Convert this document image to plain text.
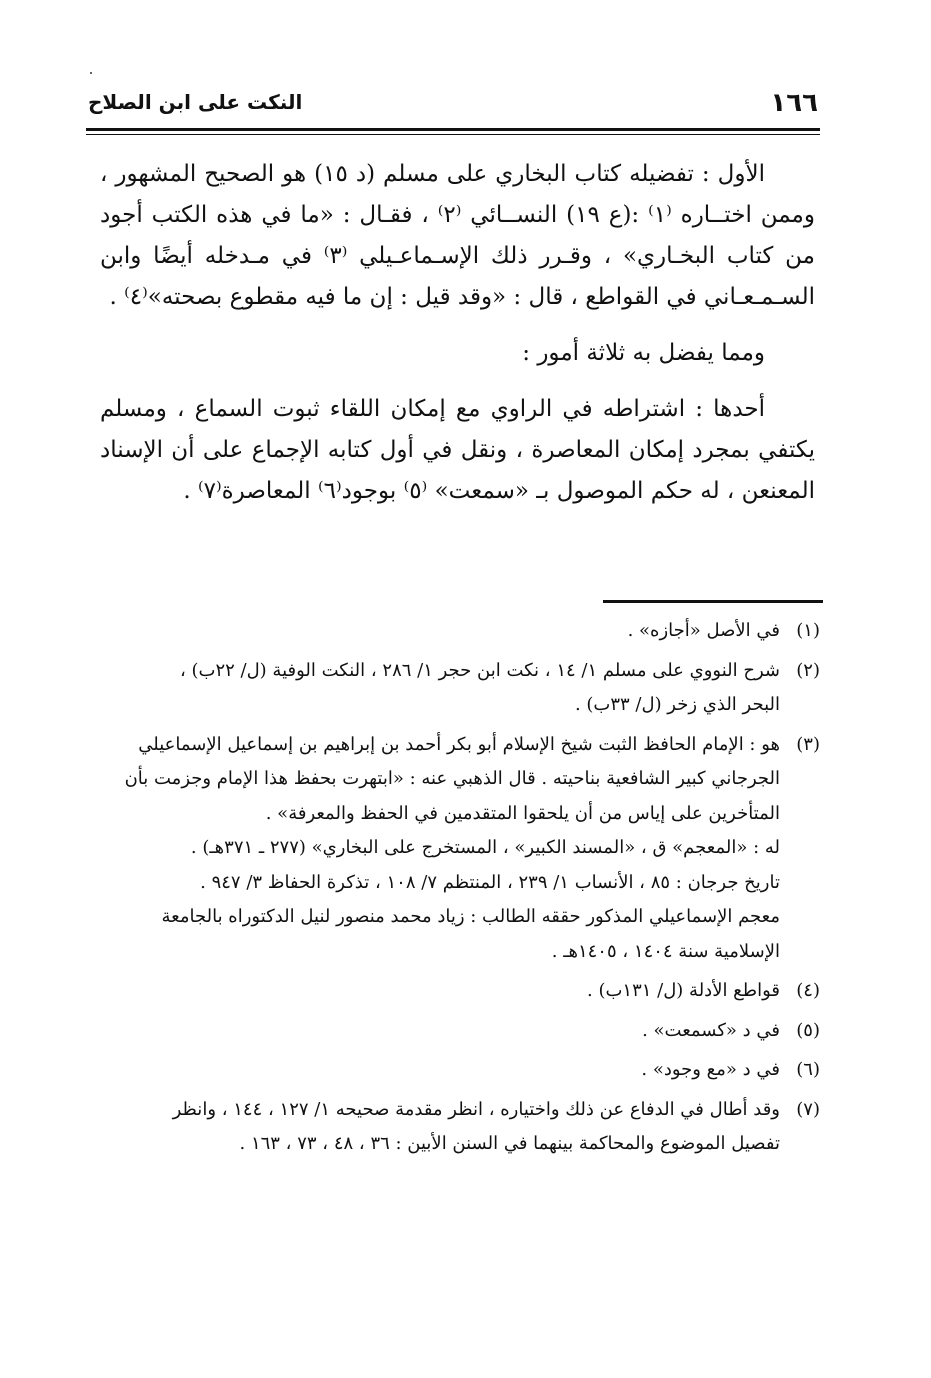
١٦٦
النكت على ابن الصلاح

الأول : تفضيله كتاب البخاري على مسلم (د ١٥) هو الصحيح المشهور ، وممن اختــاره ⁽١⁾ :(ع ١٩) النســائي ⁽٢⁾ ، فقـال : «ما في هذه الكتب أجود من كتاب البخـاري» ، وقـرر ذلك الإسـماعـيلي ⁽٣⁾ في مـدخله أيضًا وابن السـمـعـاني في القواطع ، قال : «وقد قيل : إن ما فيه مقطوع بصحته»⁽٤⁾ .

ومما يفضل به ثلاثة أمور :

أحدها : اشتراطه في الراوي مع إمكان اللقاء ثبوت السماع ، ومسلم يكتفي بمجرد إمكان المعاصرة ، ونقل في أول كتابه الإجماع على أن الإسناد المعنعن ، له حكم الموصول بـ «سمعت» ⁽٥⁾ بوجود⁽٦⁾ المعاصرة⁽٧⁾ .

(١)
في الأصل «أجازه» .
(٢)
شرح النووي على مسلم ١/ ١٤ ، نكت ابن حجر ١/ ٢٨٦ ، النكت الوفية (ل/ ٢٢ب) ،
البحر الذي زخر (ل/ ٣٣ب) .
(٣)
هو : الإمام الحافظ الثبت شيخ الإسلام أبو بكر أحمد بن إبراهيم بن إسماعيل الإسماعيلي
الجرجاني كبير الشافعية بناحيته . قال الذهبي عنه : «ابتهرت بحفظ هذا الإمام وجزمت بأن
المتأخرين على إياس من أن يلحقوا المتقدمين في الحفظ والمعرفة» .
له : «المعجم» ق ، «المسند الكبير» ، المستخرج على البخاري» (٢٧٧ ـ ٣٧١هـ) .
تاريخ جرجان : ٨٥ ، الأنساب ١/ ٢٣٩ ، المنتظم ٧/ ١٠٨ ، تذكرة الحفاظ ٣/ ٩٤٧ .
معجم الإسماعيلي المذكور حققه الطالب : زياد محمد منصور لنيل الدكتوراه بالجامعة
الإسلامية سنة ١٤٠٤ ، ١٤٠٥هـ .
(٤)
قواطع الأدلة (ل/ ١٣١ب) .
(٥)
في د «كسمعت» .
(٦)
في د «مع وجود» .
(٧)
وقد أطال في الدفاع عن ذلك واختياره ، انظر مقدمة صحيحه ١/ ١٢٧ ، ١٤٤ ، وانظر
تفصيل الموضوع والمحاكمة بينهما في السنن الأبين : ٣٦ ، ٤٨ ، ٧٣ ، ١٦٣ .
